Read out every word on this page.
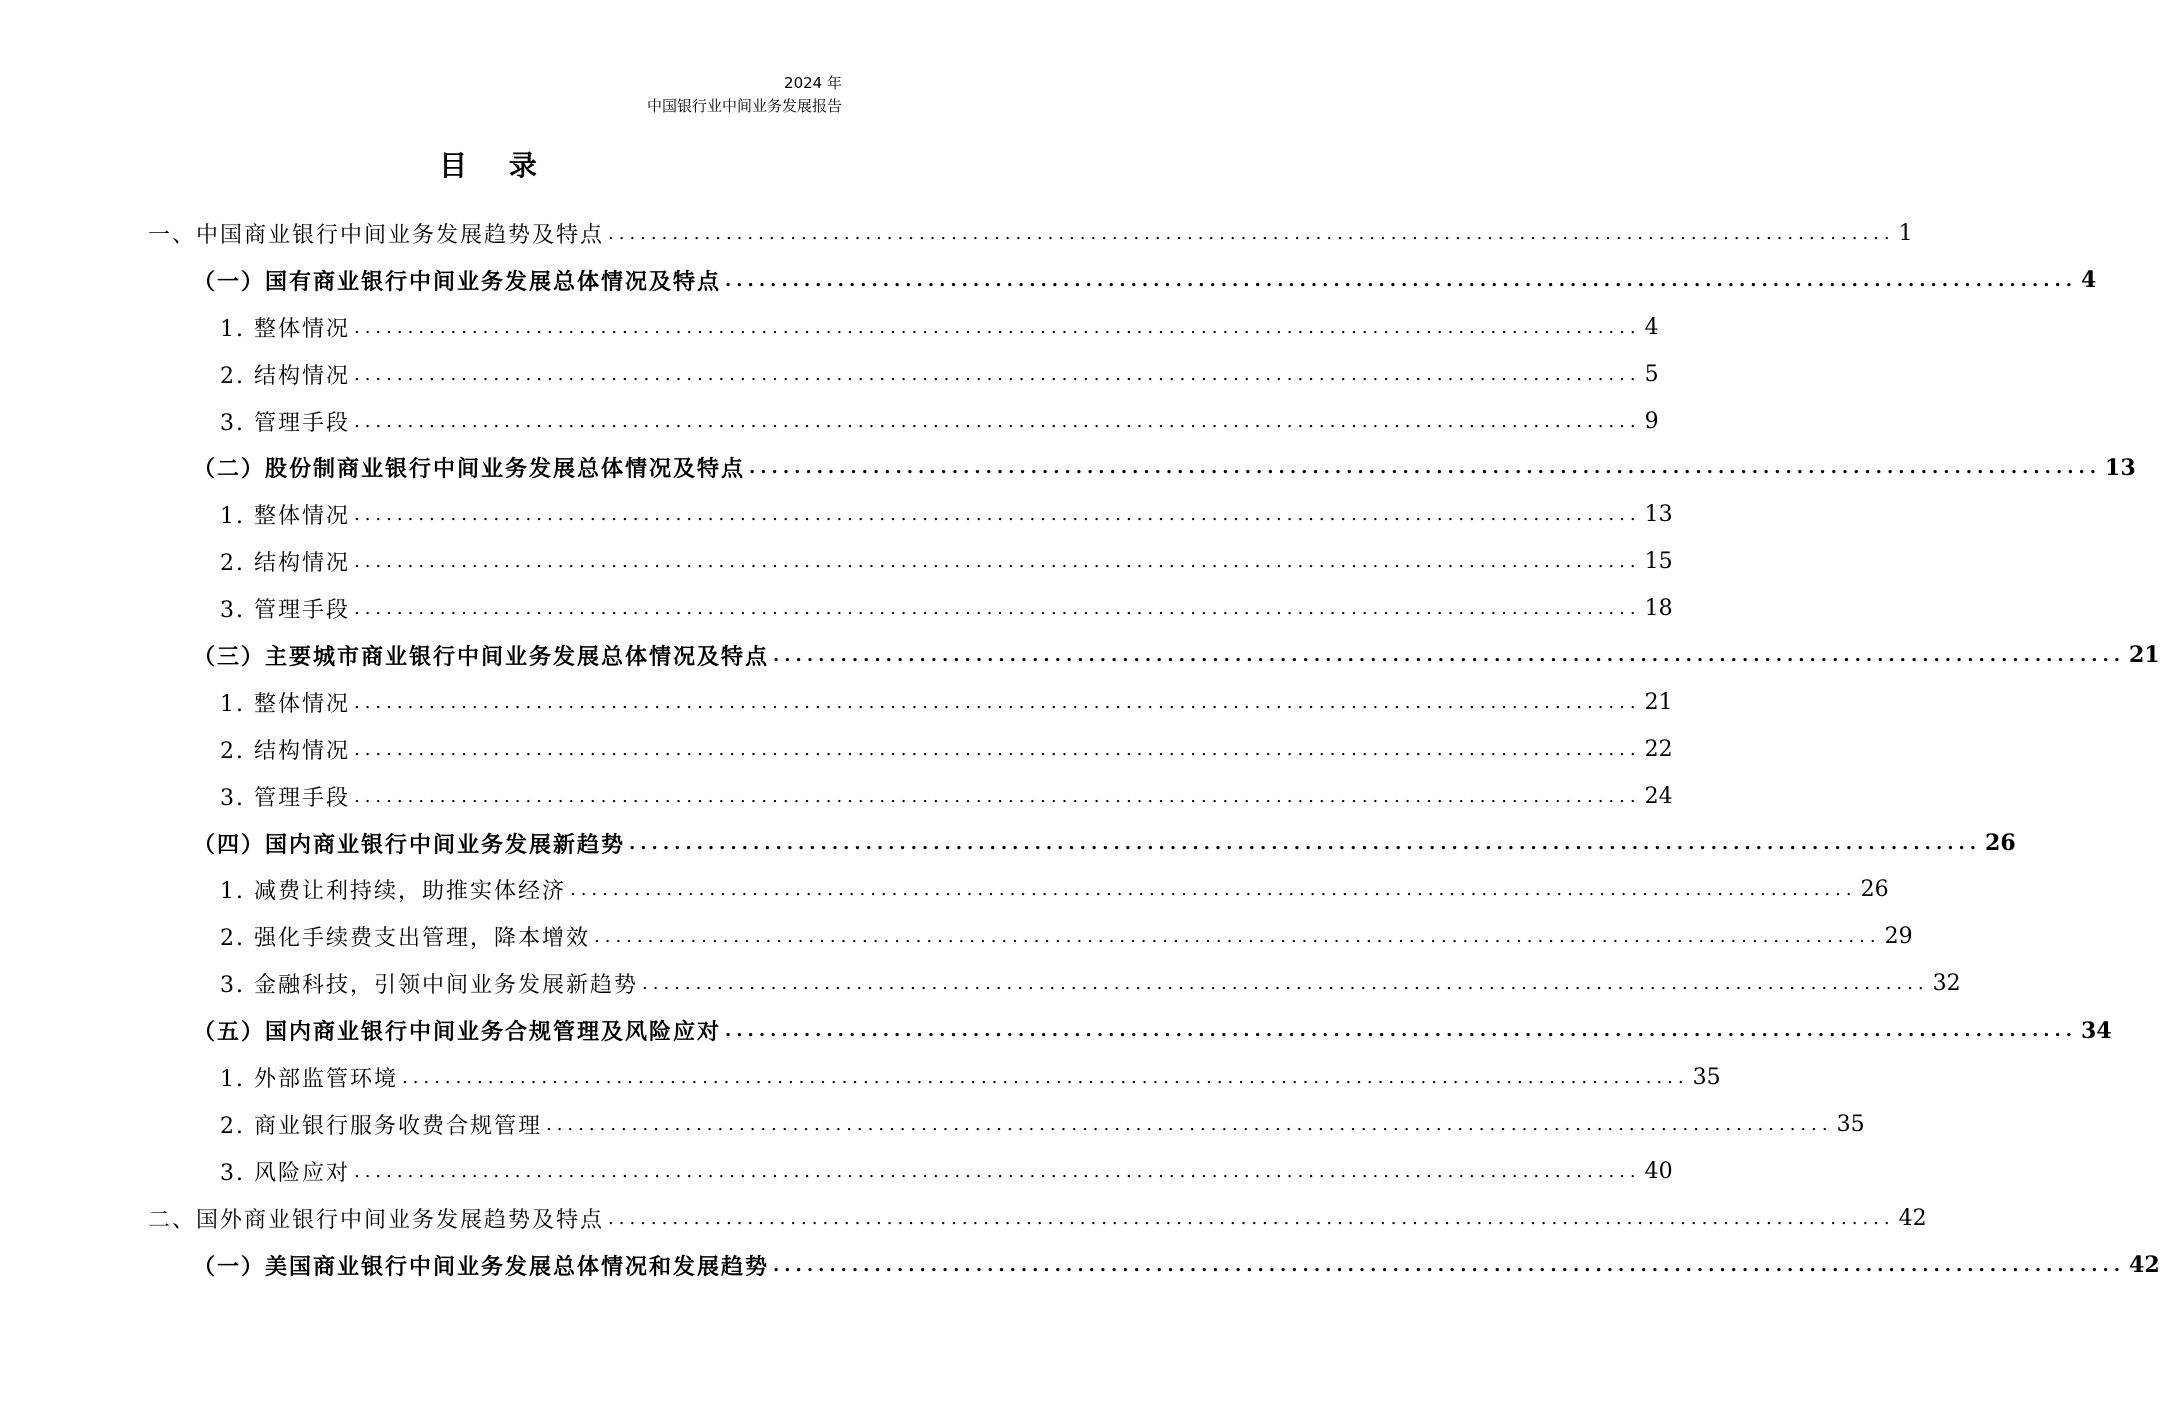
2024 年
中国银行业中间业务发展报告
目 录
一、中国商业银行中间业务发展趋势及特点 ........................................................................................................................ 1
（一）国有商业银行中间业务发展总体情况及特点 ........................................................................................................................ 4
1. 整体情况 ........................................................................................................................ 4
2. 结构情况 ........................................................................................................................ 5
3. 管理手段 ........................................................................................................................ 9
（二）股份制商业银行中间业务发展总体情况及特点 ........................................................................................................................ 13
1. 整体情况 ........................................................................................................................ 13
2. 结构情况 ........................................................................................................................ 15
3. 管理手段 ........................................................................................................................ 18
（三）主要城市商业银行中间业务发展总体情况及特点 ........................................................................................................................ 21
1. 整体情况 ........................................................................................................................ 21
2. 结构情况 ........................................................................................................................ 22
3. 管理手段 ........................................................................................................................ 24
（四）国内商业银行中间业务发展新趋势 ........................................................................................................................ 26
1. 减费让利持续，助推实体经济 ........................................................................................................................ 26
2. 强化手续费支出管理，降本增效 ........................................................................................................................ 29
3. 金融科技，引领中间业务发展新趋势 ........................................................................................................................ 32
（五）国内商业银行中间业务合规管理及风险应对 ........................................................................................................................ 34
1. 外部监管环境 ........................................................................................................................ 35
2. 商业银行服务收费合规管理 ........................................................................................................................ 35
3. 风险应对 ........................................................................................................................ 40
二、国外商业银行中间业务发展趋势及特点 ........................................................................................................................ 42
（一）美国商业银行中间业务发展总体情况和发展趋势 ........................................................................................................................ 42
